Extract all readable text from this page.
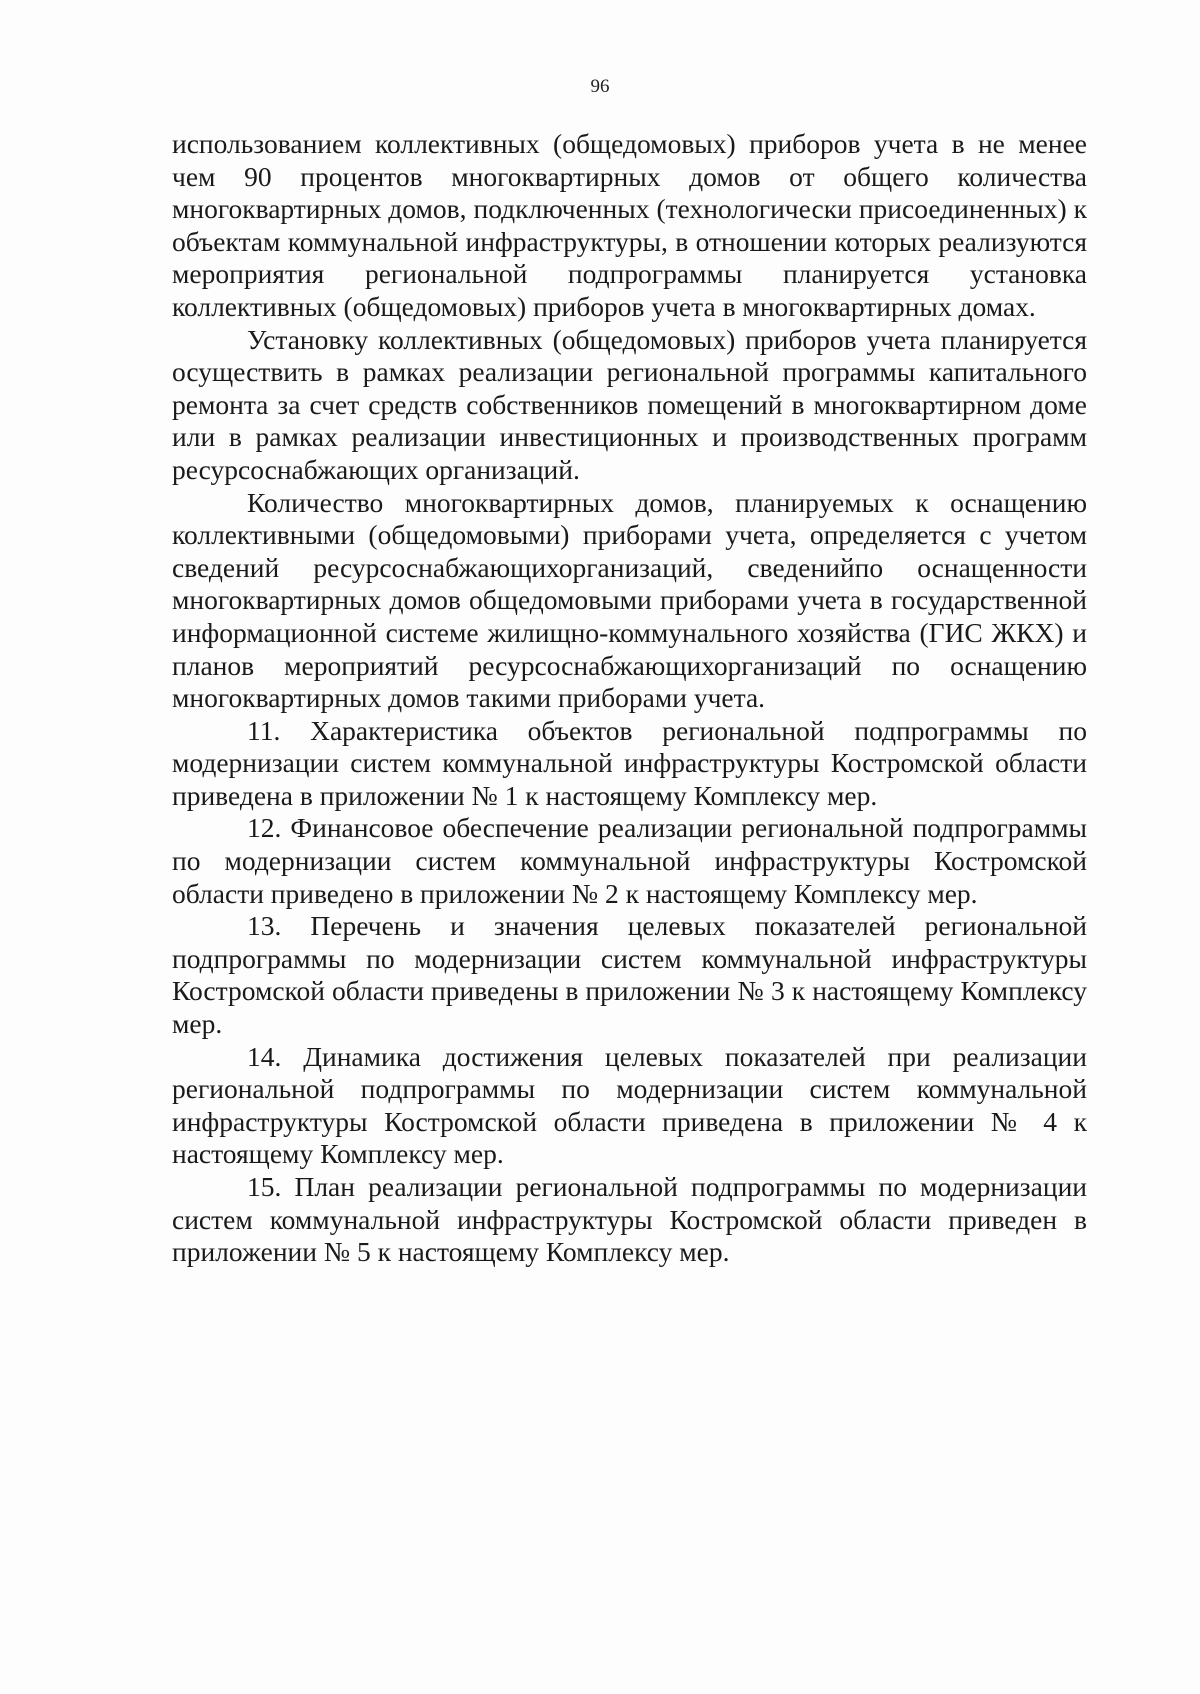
96

использованием коллективных (общедомовых) приборов учета в не менее чем 90 процентов многоквартирных домов от общего количества многоквартирных домов, подключенных (технологически присоединенных) к объектам коммунальной инфраструктуры, в отношении которых реализуются мероприятия региональной подпрограммы планируется установка коллективных (общедомовых) приборов учета в многоквартирных домах.

Установку коллективных (общедомовых) приборов учета планируется осуществить в рамках реализации региональной программы капитального ремонта за счет средств собственников помещений в многоквартирном доме или в рамках реализации инвестиционных и производственных программ ресурсоснабжающих организаций.

Количество многоквартирных домов, планируемых к оснащению коллективными (общедомовыми) приборами учета, определяется с учетом сведений ресурсоснабжающихорганизаций, сведенийпо оснащенности многоквартирных домов общедомовыми приборами учета в государственной информационной системе жилищно-коммунального хозяйства (ГИС ЖКХ) и планов мероприятий ресурсоснабжающихорганизаций по оснащению многоквартирных домов такими приборами учета.

11. Характеристика объектов региональной подпрограммы по модернизации систем коммунальной инфраструктуры Костромской области приведена в приложении № 1 к настоящему Комплексу мер.

12. Финансовое обеспечение реализации региональной подпрограммы по модернизации систем коммунальной инфраструктуры Костромской области приведено в приложении № 2 к настоящему Комплексу мер.

13. Перечень и значения целевых показателей региональной подпрограммы по модернизации систем коммунальной инфраструктуры Костромской области приведены в приложении № 3 к настоящему Комплексу мер.

14. Динамика достижения целевых показателей при реализации региональной подпрограммы по модернизации систем коммунальной инфраструктуры Костромской области приведена в приложении № 4 к настоящему Комплексу мер.

15. План реализации региональной подпрограммы по модернизации систем коммунальной инфраструктуры Костромской области приведен в приложении № 5 к настоящему Комплексу мер.
